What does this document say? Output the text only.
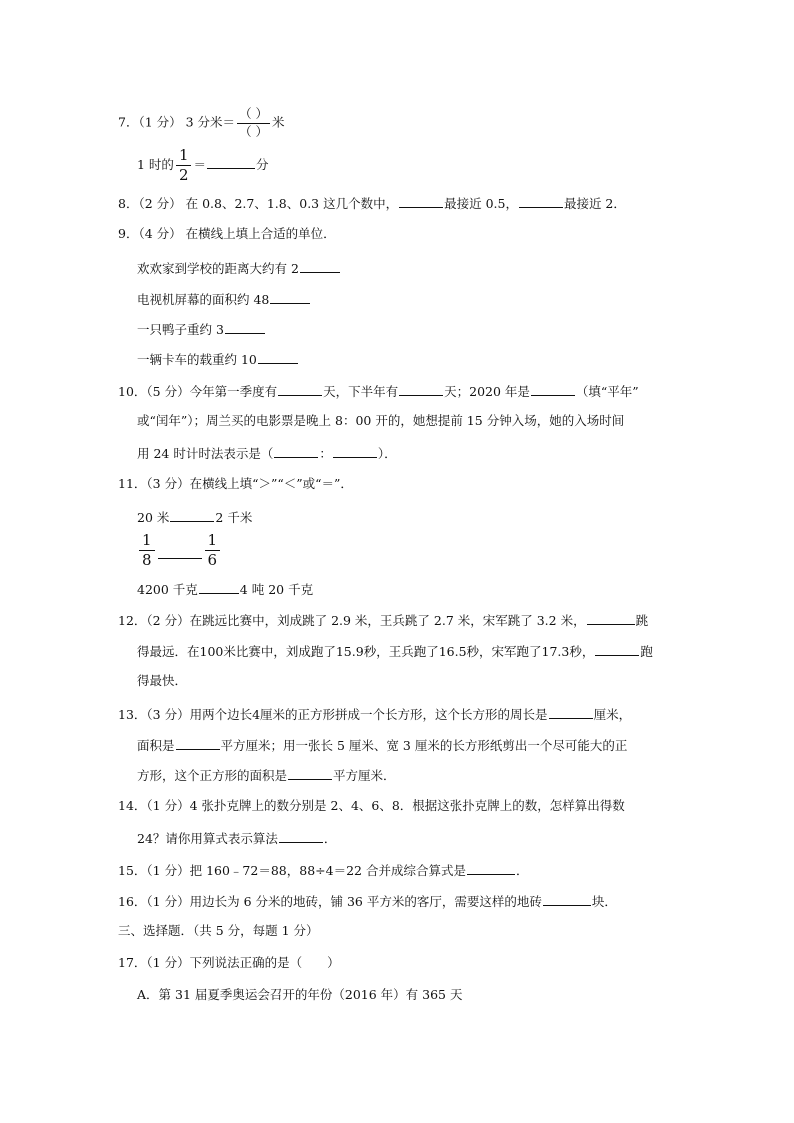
7．（1 分） 3 分米＝ $\frac{( )}{( )}$ 米
1 时的 $\frac{1}{2}$ ＝	分
8．（2 分） 在 0.8、2.7、1.8、0.3 这几个数中，	最接近 0.5，	最接近 2．
9．（4 分） 在横线上填上合适的单位．
欢欢家到学校的距离大约有 2
电视机屏幕的面积约 48
一只鸭子重约 3
一辆卡车的载重约 10
10．（5 分）今年第一季度有	天，下半年有	天；2020 年是	（填“平年”
或“闰年”）；周兰买的电影票是晚上 8：00 开的，她想提前 15 分钟入场，她的入场时间
用 24 时计时法表示是（	：	）．
11．（3 分）在横线上填“＞”“＜”或“＝”．
20 米	2 千米
$\frac{1}{8}$	$\frac{1}{6}$
4200 千克	4 吨 20 千克
12．（2 分）在跳远比赛中，刘成跳了 2.9 米，王兵跳了 2.7 米，宋军跳了 3.2 米，	跳
得最远．在100米比赛中，刘成跑了15.9秒，王兵跑了16.5秒，宋军跑了17.3秒，	跑
得最快．
13．（3 分）用两个边长4厘米的正方形拼成一个长方形，这个长方形的周长是	厘米，
面积是	平方厘米；用一张长 5 厘米、宽 3 厘米的长方形纸剪出一个尽可能大的正
方形，这个正方形的面积是	平方厘米．
14．（1 分）4 张扑克牌上的数分别是 2、4、6、8．根据这张扑克牌上的数，怎样算出得数
24？请你用算式表示算法	．
15．（1 分）把 160﹣72＝88，88÷4＝22 合并成综合算式是	．
16．（1 分）用边长为 6 分米的地砖，铺 36 平方米的客厅，需要这样的地砖	块．
三、选择题．（共 5 分，每题 1 分）
17．（1 分）下列说法正确的是（　　）
A．第 31 届夏季奥运会召开的年份（2016 年）有 365 天
